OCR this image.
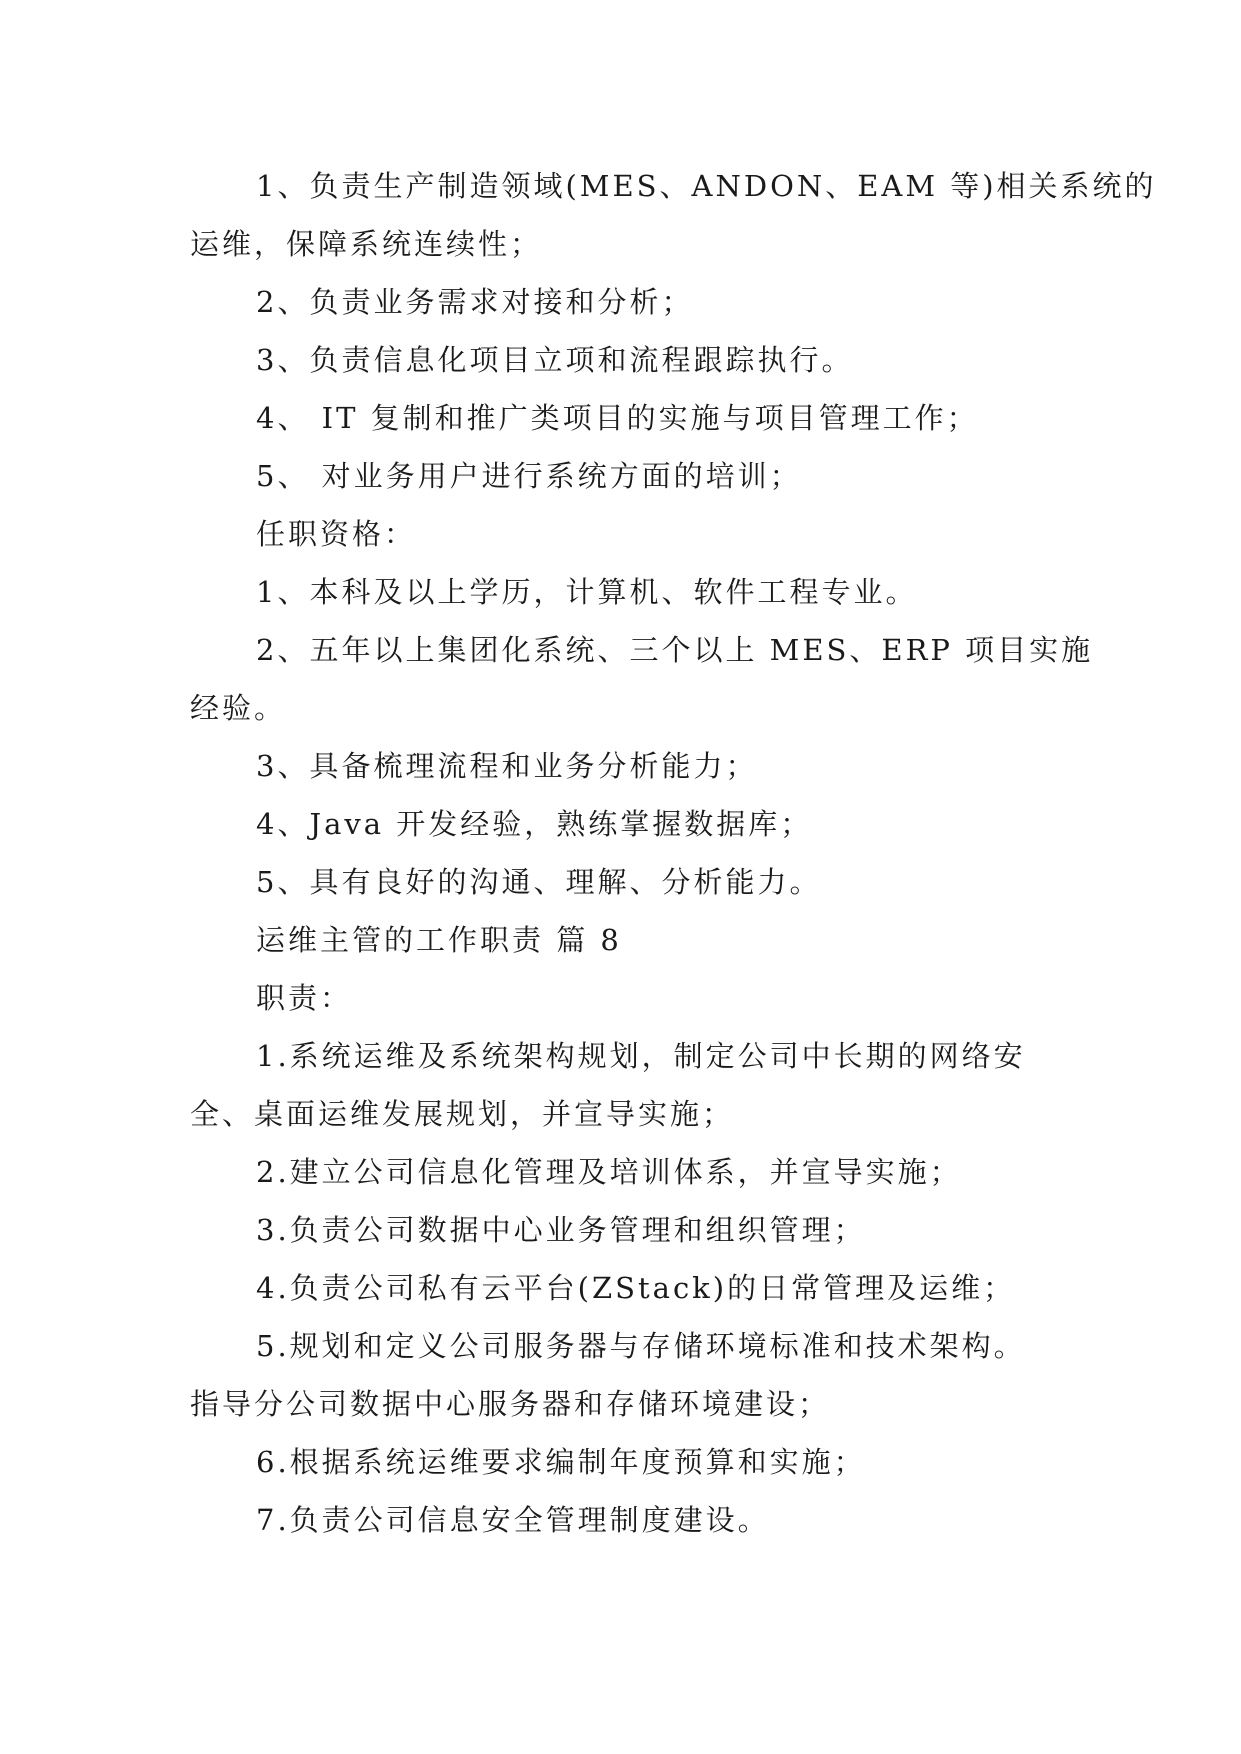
1、负责生产制造领域(MES、ANDON、EAM 等)相关系统的
运维，保障系统连续性；
2、负责业务需求对接和分析；
3、负责信息化项目立项和流程跟踪执行。
4、 IT 复制和推广类项目的实施与项目管理工作；
5、 对业务用户进行系统方面的培训；
任职资格：
1、本科及以上学历，计算机、软件工程专业。
2、五年以上集团化系统、三个以上 MES、ERP 项目实施
经验。
3、具备梳理流程和业务分析能力；
4、Java 开发经验，熟练掌握数据库；
5、具有良好的沟通、理解、分析能力。
运维主管的工作职责 篇 8
职责：
1.系统运维及系统架构规划，制定公司中长期的网络安
全、桌面运维发展规划，并宣导实施；
2.建立公司信息化管理及培训体系，并宣导实施；
3.负责公司数据中心业务管理和组织管理；
4.负责公司私有云平台(ZStack)的日常管理及运维；
5.规划和定义公司服务器与存储环境标准和技术架构。
指导分公司数据中心服务器和存储环境建设；
6.根据系统运维要求编制年度预算和实施；
7.负责公司信息安全管理制度建设。
